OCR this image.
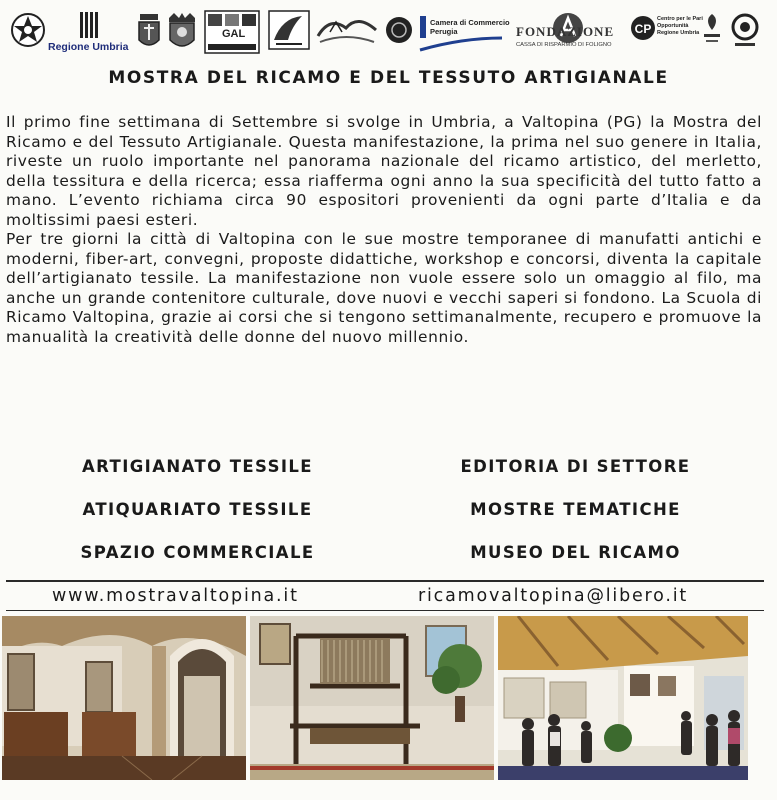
Regione Umbria
GAL
Camera di Commercio
Perugia	FONDAZIONE
CASSA DI RISPARMIO DI FOLIGNO
CP
Centro per le Pari
Opportunità
Regione Umbria
MOSTRA DEL RICAMO E DEL TESSUTO ARTIGIANALE

Il primo fine settimana di Settembre si svolge in Umbria, a Valtopina (PG) la Mostra del Ricamo e del Tessuto Artigianale. Questa manifestazione, la prima nel suo genere in Italia, riveste un ruolo importante nel panorama nazionale del ricamo artistico, del merletto, della tessitura e della ricerca; essa riafferma ogni anno la sua specificità del tutto fatto a mano. L’evento richiama circa 90 espositori provenienti da ogni parte d’Italia e da moltissimi paesi esteri.

Per tre giorni la città di Valtopina con le sue mostre temporanee di manufatti antichi e moderni, fiber-art, convegni, proposte didattiche, workshop e concorsi, diventa la capitale dell’artigianato tessile. La manifestazione non vuole essere solo un omaggio al filo, ma anche un grande contenitore culturale, dove nuovi e vecchi saperi si fondono. La Scuola di Ricamo Valtopina, grazie ai corsi che si tengono settimanalmente, recupero e promuove la manualità la creatività delle donne del nuovo millennio.

ARTIGIANATO TESSILE
ATIQUARIATO TESSILE
SPAZIO COMMERCIALE
EDITORIA DI SETTORE
MOSTRE TEMATICHE
MUSEO DEL RICAMO
www.mostravaltopina.it	ricamovaltopina@libero.it
